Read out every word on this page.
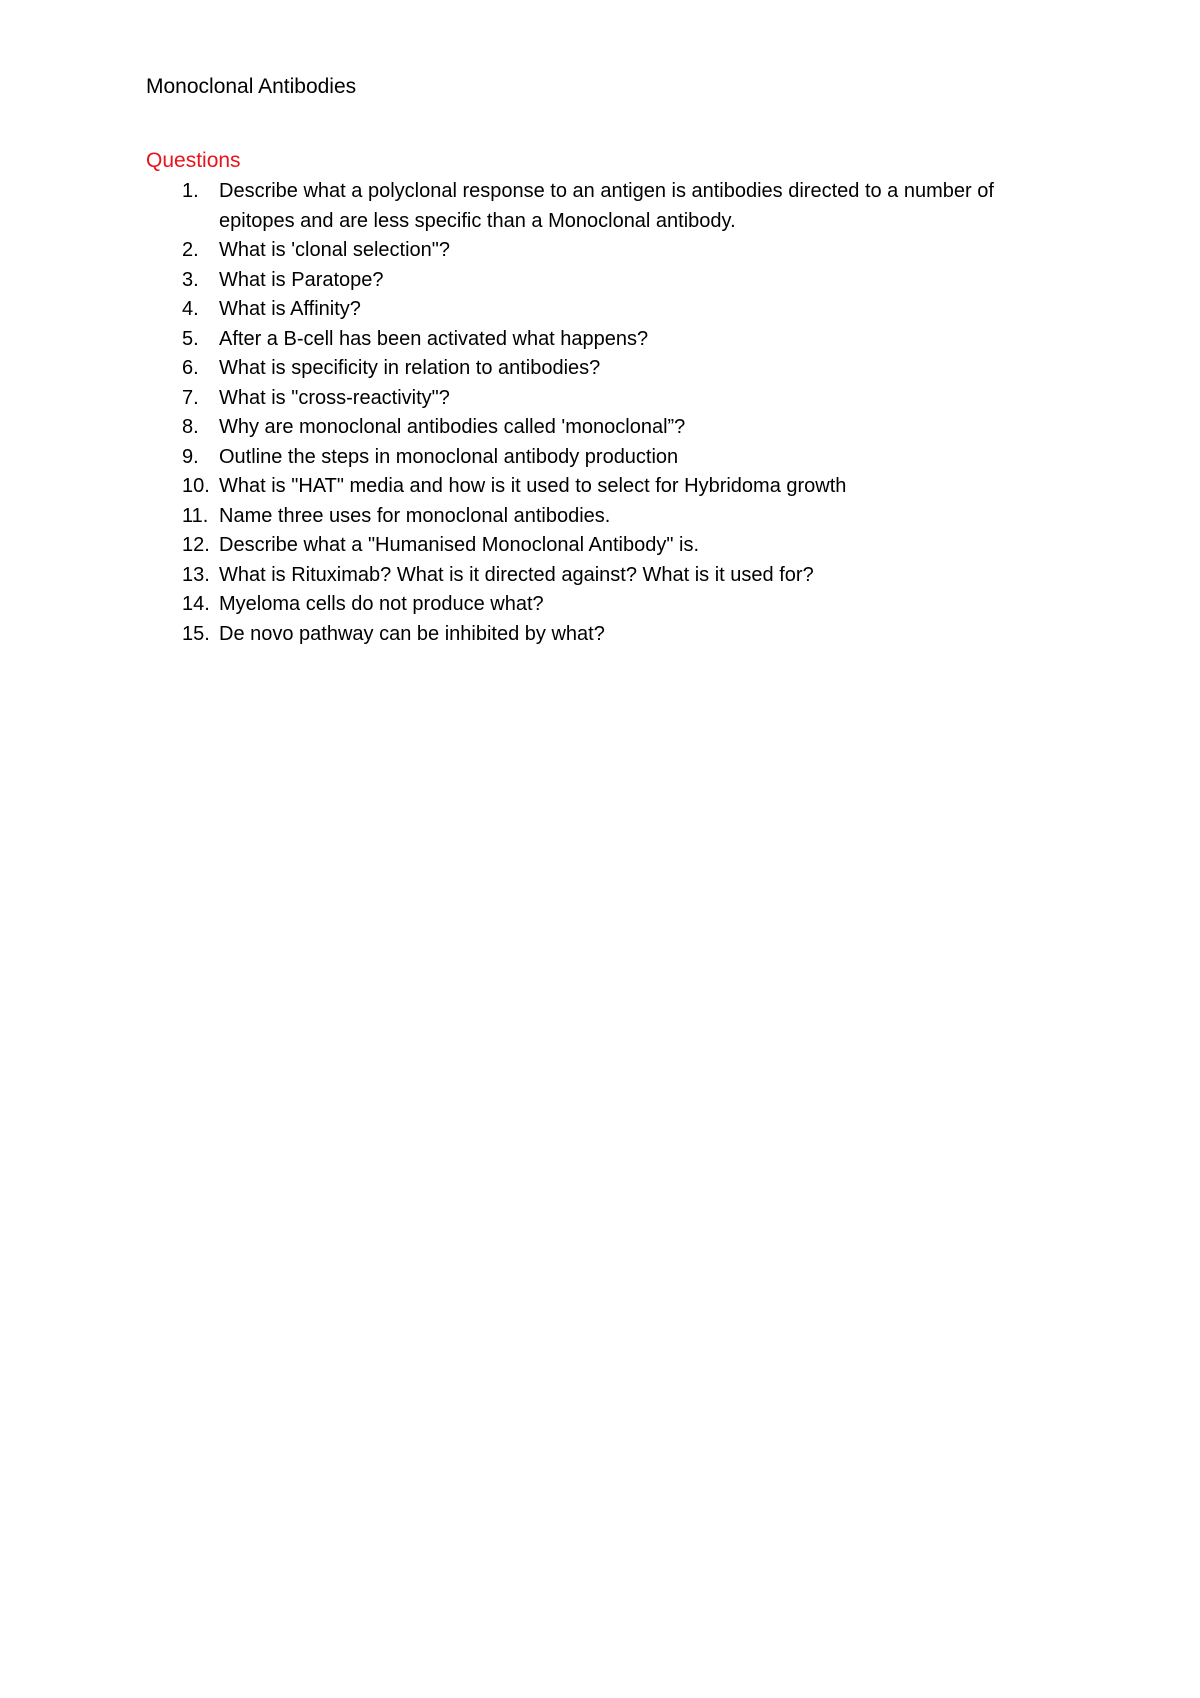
Monoclonal Antibodies
Questions
1. Describe what a polyclonal response to an antigen is antibodies directed to a number of epitopes and are less specific than a Monoclonal antibody.
2. What is 'clonal selection"?
3. What is Paratope?
4. What is Affinity?
5. After a B-cell has been activated what happens?
6. What is specificity in relation to antibodies?
7. What is "cross-reactivity"?
8. Why are monoclonal antibodies called 'monoclonal”?
9. Outline the steps in monoclonal antibody production
10. What is "HAT" media and how is it used to select for Hybridoma growth
11. Name three uses for monoclonal antibodies.
12. Describe what a "Humanised Monoclonal Antibody" is.
13. What is Rituximab? What is it directed against? What is it used for?
14. Myeloma cells do not produce what?
15. De novo pathway can be inhibited by what?
